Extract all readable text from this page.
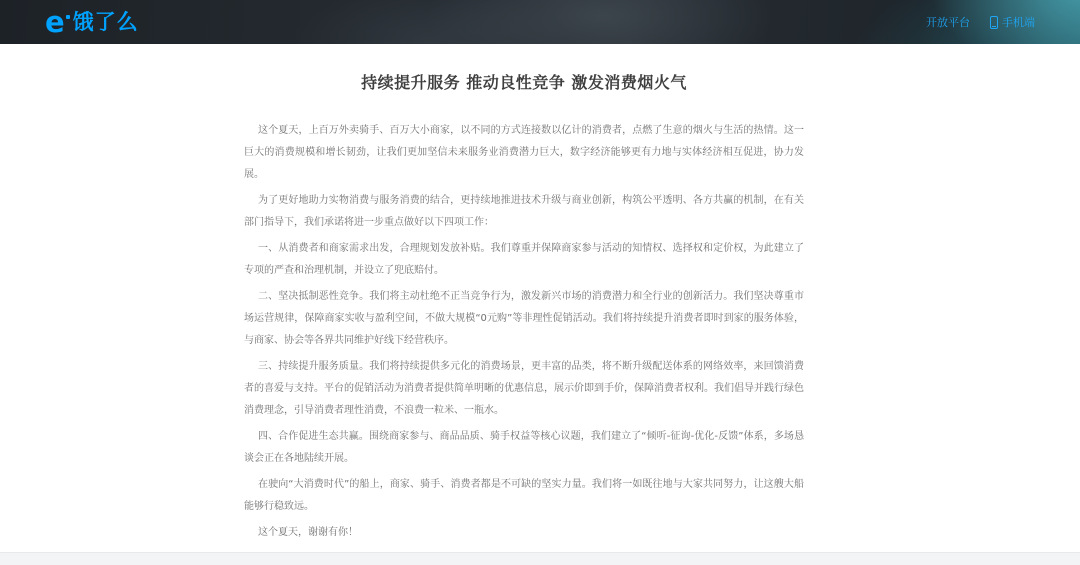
e 饿了么	开放平台	手机端
持续提升服务 推动良性竞争 激发消费烟火气

这个夏天，上百万外卖骑手、百万大小商家，以不同的方式连接数以亿计的消费者，点燃了生意的烟火与生活的热情。这一巨大的消费规模和增长韧劲，让我们更加坚信未来服务业消费潜力巨大，数字经济能够更有力地与实体经济相互促进，协力发展。

为了更好地助力实物消费与服务消费的结合，更持续地推进技术升级与商业创新，构筑公平透明、各方共赢的机制，在有关部门指导下，我们承诺将进一步重点做好以下四项工作：

一、从消费者和商家需求出发，合理规划发放补贴。我们尊重并保障商家参与活动的知情权、选择权和定价权，为此建立了专项的严查和治理机制，并设立了兜底赔付。

二、坚决抵制恶性竞争。我们将主动杜绝不正当竞争行为，激发新兴市场的消费潜力和全行业的创新活力。我们坚决尊重市场运营规律，保障商家实收与盈利空间，不做大规模“0元购”等非理性促销活动。我们将持续提升消费者即时到家的服务体验，与商家、协会等各界共同维护好线下经营秩序。

三、持续提升服务质量。我们将持续提供多元化的消费场景，更丰富的品类，将不断升级配送体系的网络效率，来回馈消费者的喜爱与支持。平台的促销活动为消费者提供简单明晰的优惠信息，展示价即到手价，保障消费者权利。我们倡导并践行绿色消费理念，引导消费者理性消费，不浪费一粒米、一瓶水。

四、合作促进生态共赢。围绕商家参与、商品品质、骑手权益等核心议题，我们建立了“倾听-征询-优化-反馈”体系，多场恳谈会正在各地陆续开展。

在驶向“大消费时代”的船上，商家、骑手、消费者都是不可缺的坚实力量。我们将一如既往地与大家共同努力，让这艘大船能够行稳致远。

这个夏天，谢谢有你！
